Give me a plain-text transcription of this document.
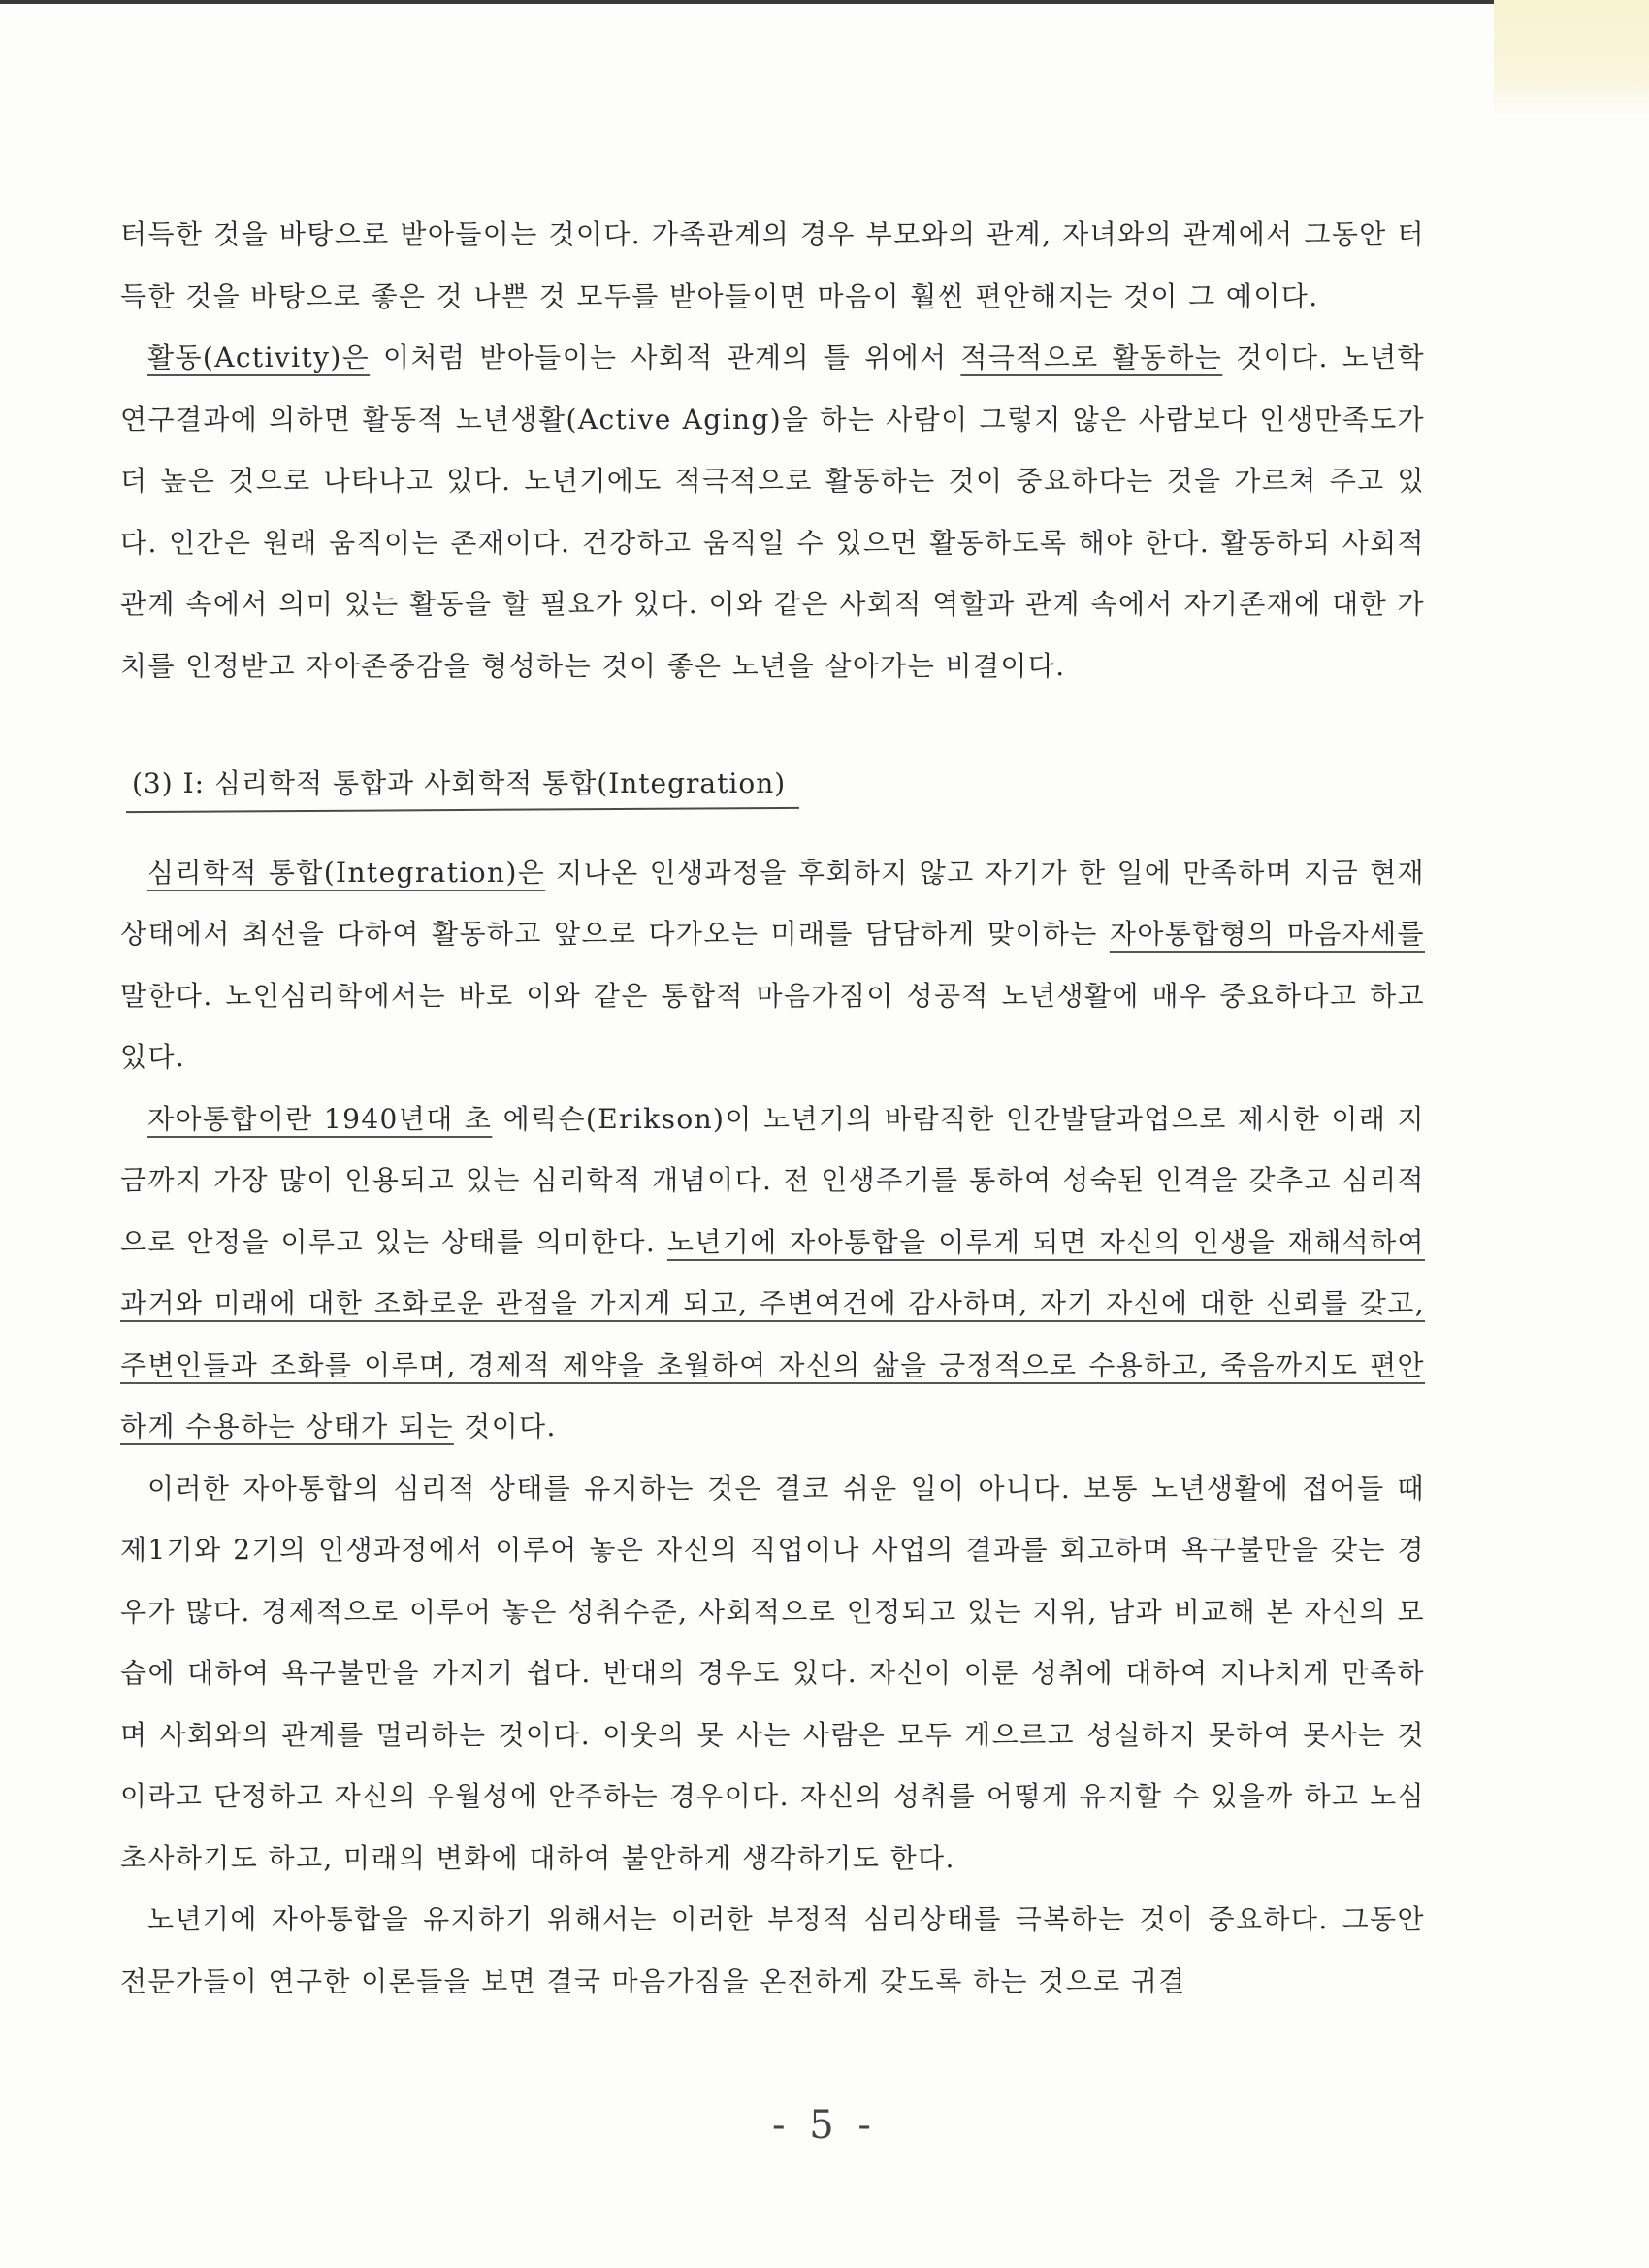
터득한 것을 바탕으로 받아들이는 것이다. 가족관계의 경우 부모와의 관계, 자녀와의 관계에서 그동안 터득한 것을 바탕으로 좋은 것 나쁜 것 모두를 받아들이면 마음이 훨씬 편안해지는 것이 그 예이다.

활동(Activity)은 이처럼 받아들이는 사회적 관계의 틀 위에서 적극적으로 활동하는 것이다. 노년학 연구결과에 의하면 활동적 노년생활(Active Aging)을 하는 사람이 그렇지 않은 사람보다 인생만족도가 더 높은 것으로 나타나고 있다. 노년기에도 적극적으로 활동하는 것이 중요하다는 것을 가르쳐 주고 있다. 인간은 원래 움직이는 존재이다. 건강하고 움직일 수 있으면 활동하도록 해야 한다. 활동하되 사회적 관계 속에서 의미 있는 활동을 할 필요가 있다. 이와 같은 사회적 역할과 관계 속에서 자기존재에 대한 가치를 인정받고 자아존중감을 형성하는 것이 좋은 노년을 살아가는 비결이다.

(3) I: 심리학적 통합과 사회학적 통합(Integration)

심리학적 통합(Integration)은 지나온 인생과정을 후회하지 않고 자기가 한 일에 만족하며 지금 현재 상태에서 최선을 다하여 활동하고 앞으로 다가오는 미래를 담담하게 맞이하는 자아통합형의 마음자세를 말한다. 노인심리학에서는 바로 이와 같은 통합적 마음가짐이 성공적 노년생활에 매우 중요하다고 하고 있다.

자아통합이란 1940년대 초 에릭슨(Erikson)이 노년기의 바람직한 인간발달과업으로 제시한 이래 지금까지 가장 많이 인용되고 있는 심리학적 개념이다. 전 인생주기를 통하여 성숙된 인격을 갖추고 심리적으로 안정을 이루고 있는 상태를 의미한다. 노년기에 자아통합을 이루게 되면 자신의 인생을 재해석하여 과거와 미래에 대한 조화로운 관점을 가지게 되고, 주변여건에 감사하며, 자기 자신에 대한 신뢰를 갖고, 주변인들과 조화를 이루며, 경제적 제약을 초월하여 자신의 삶을 긍정적으로 수용하고, 죽음까지도 편안하게 수용하는 상태가 되는 것이다.

이러한 자아통합의 심리적 상태를 유지하는 것은 결코 쉬운 일이 아니다. 보통 노년생활에 접어들 때 제1기와 2기의 인생과정에서 이루어 놓은 자신의 직업이나 사업의 결과를 회고하며 욕구불만을 갖는 경우가 많다. 경제적으로 이루어 놓은 성취수준, 사회적으로 인정되고 있는 지위, 남과 비교해 본 자신의 모습에 대하여 욕구불만을 가지기 쉽다. 반대의 경우도 있다. 자신이 이룬 성취에 대하여 지나치게 만족하며 사회와의 관계를 멀리하는 것이다. 이웃의 못 사는 사람은 모두 게으르고 성실하지 못하여 못사는 것이라고 단정하고 자신의 우월성에 안주하는 경우이다. 자신의 성취를 어떻게 유지할 수 있을까 하고 노심초사하기도 하고, 미래의 변화에 대하여 불안하게 생각하기도 한다.

노년기에 자아통합을 유지하기 위해서는 이러한 부정적 심리상태를 극복하는 것이 중요하다. 그동안 전문가들이 연구한 이론들을 보면 결국 마음가짐을 온전하게 갖도록 하는 것으로 귀결

- 5 -
